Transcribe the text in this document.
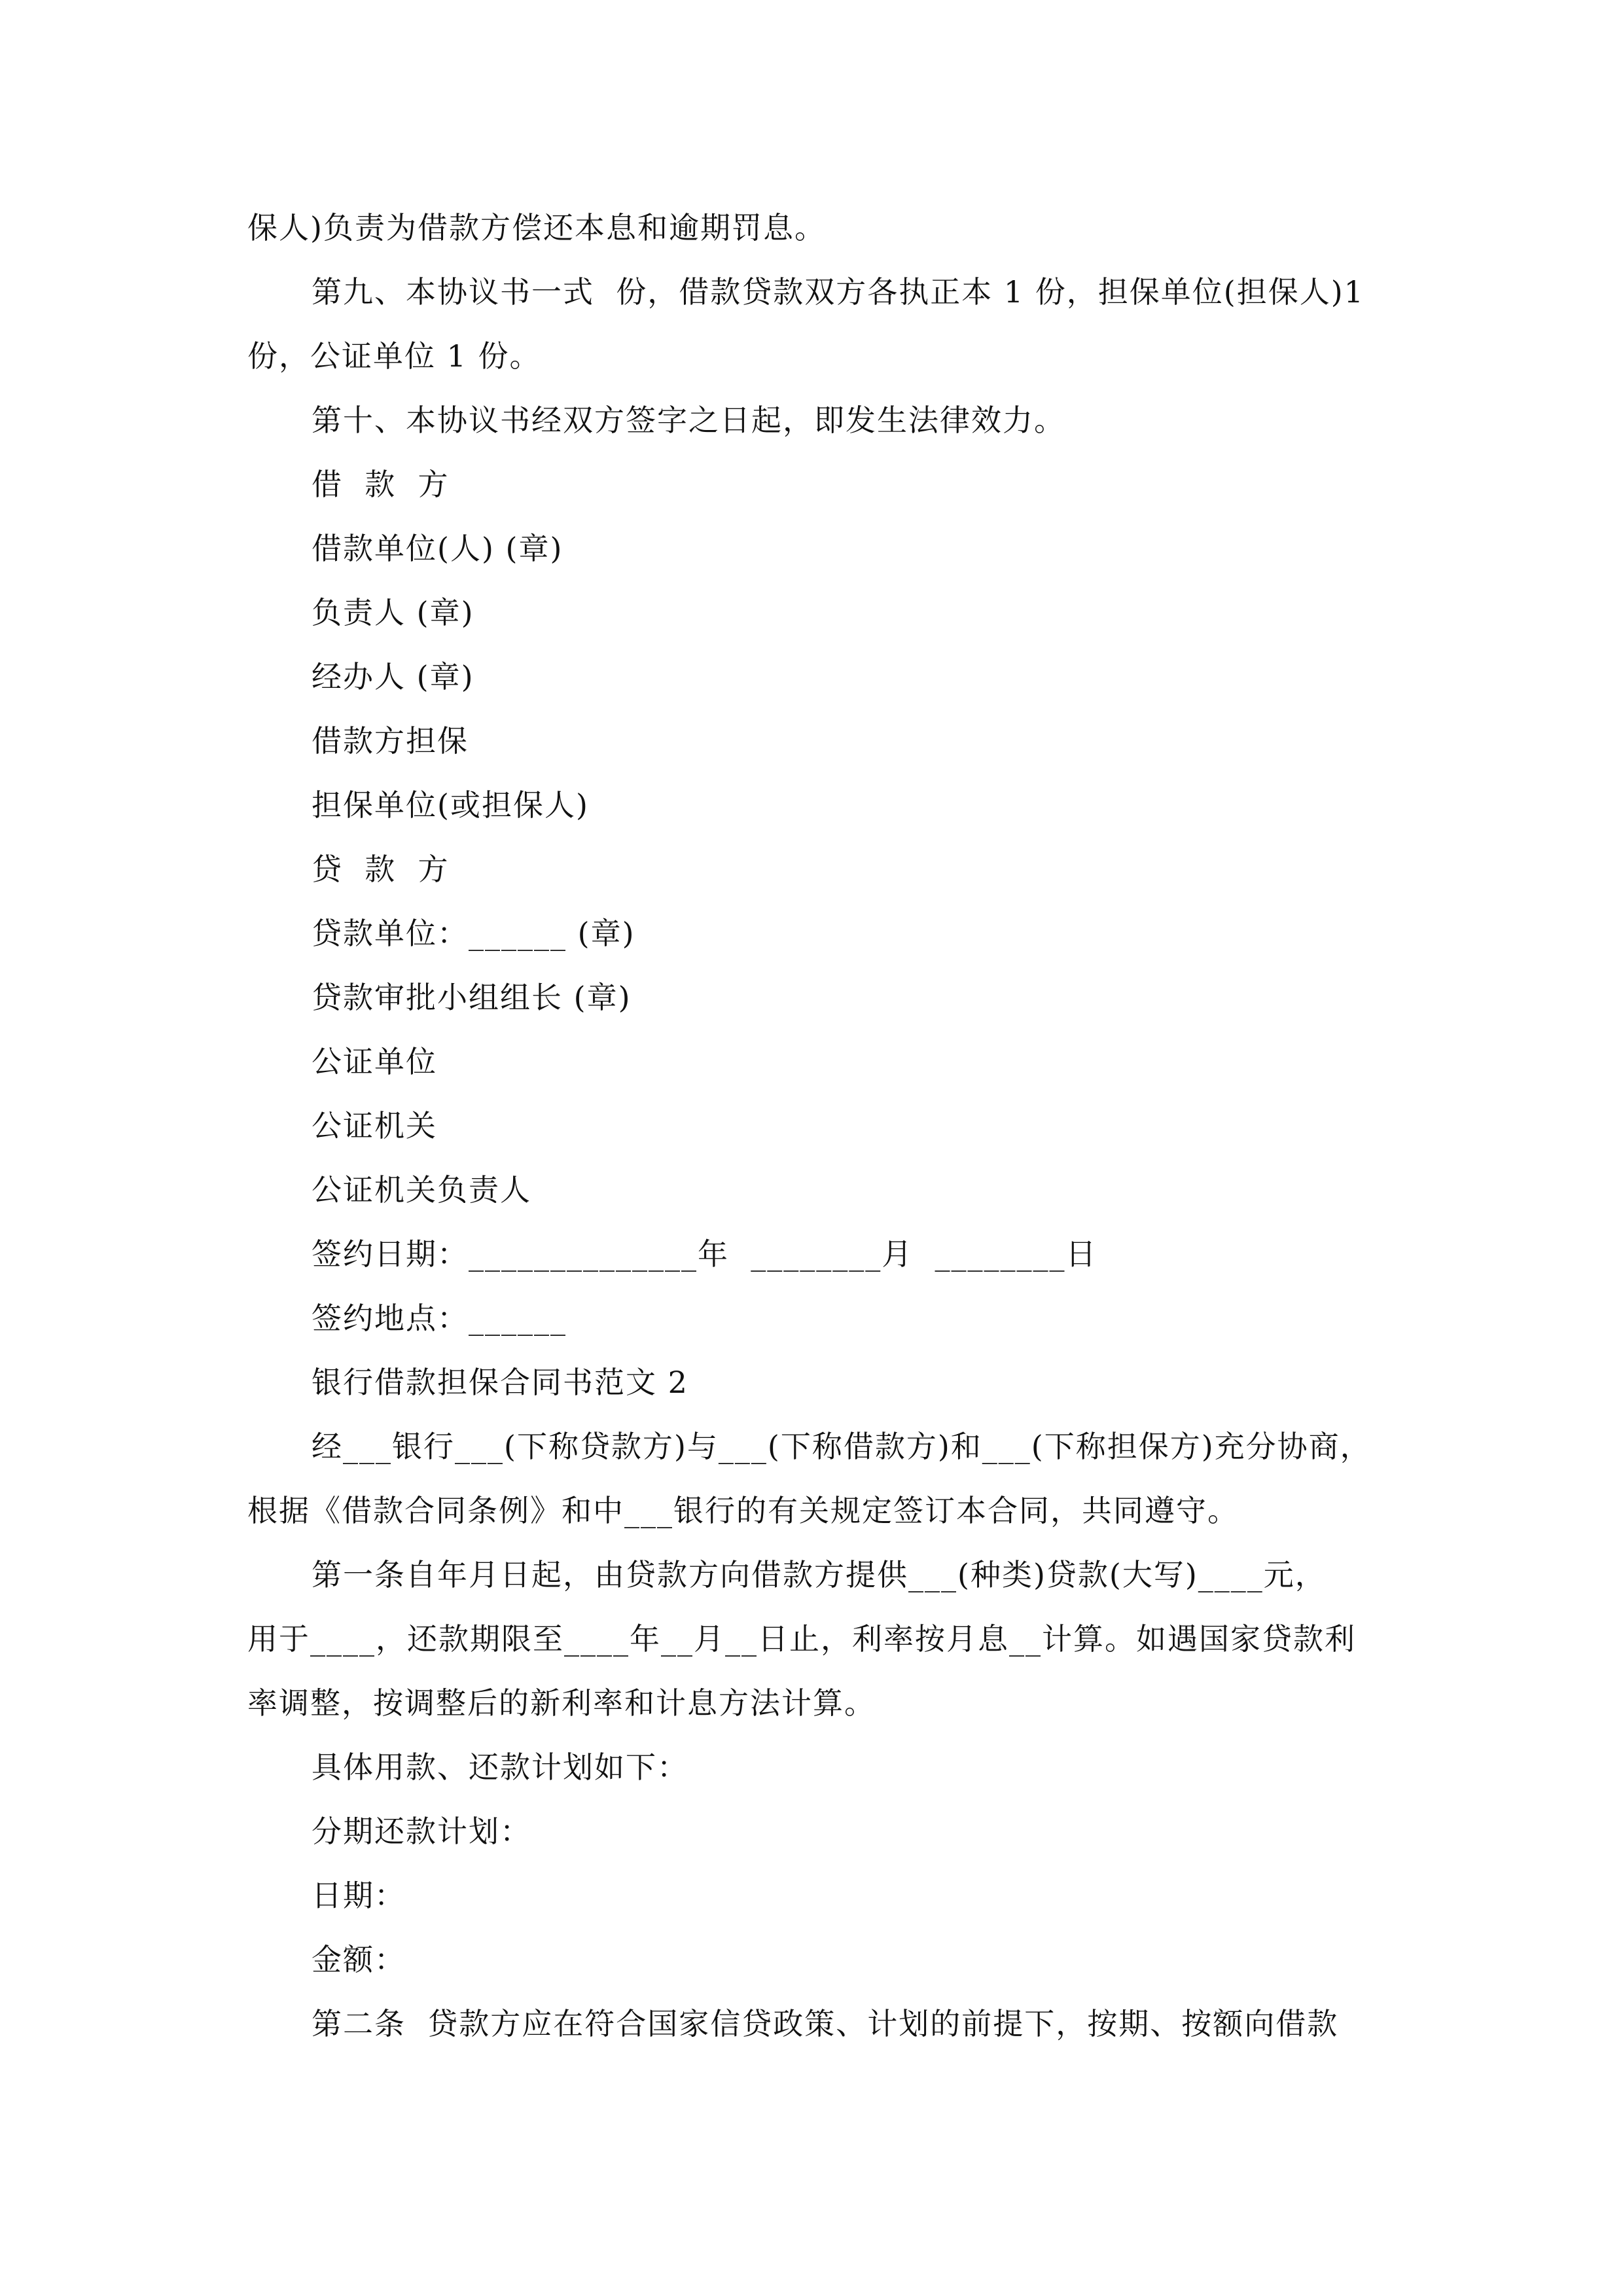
保人)负责为借款方偿还本息和逾期罚息。
第九、本协议书一式  份，借款贷款双方各执正本 1 份，担保单位(担保人)1
份，公证单位 1 份。
第十、本协议书经双方签字之日起，即发生法律效力。
借  款  方
借款单位(人) (章)
负责人 (章)
经办人 (章)
借款方担保
担保单位(或担保人)
贷  款  方
贷款单位：______ (章)
贷款审批小组组长 (章)
公证单位
公证机关
公证机关负责人
签约日期：______________年  ________月  ________日
签约地点：______
银行借款担保合同书范文 2
经___银行___(下称贷款方)与___(下称借款方)和___(下称担保方)充分协商，
根据《借款合同条例》和中___银行的有关规定签订本合同，共同遵守。
第一条自年月日起，由贷款方向借款方提供___(种类)贷款(大写)____元，
用于____，还款期限至____年__月__日止，利率按月息__计算。如遇国家贷款利
率调整，按调整后的新利率和计息方法计算。
具体用款、还款计划如下：
分期还款计划：
日期：
金额：
第二条  贷款方应在符合国家信贷政策、计划的前提下，按期、按额向借款
